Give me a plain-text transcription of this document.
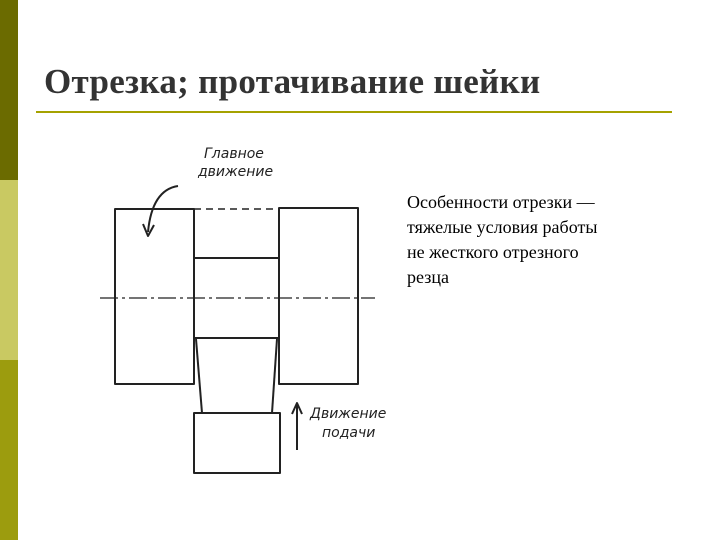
Отрезка; протачивание шейки
Особенности отрезки —
тяжелые условия работы
не жесткого отрезного
резца
Главное
движение
Движение
подачи
